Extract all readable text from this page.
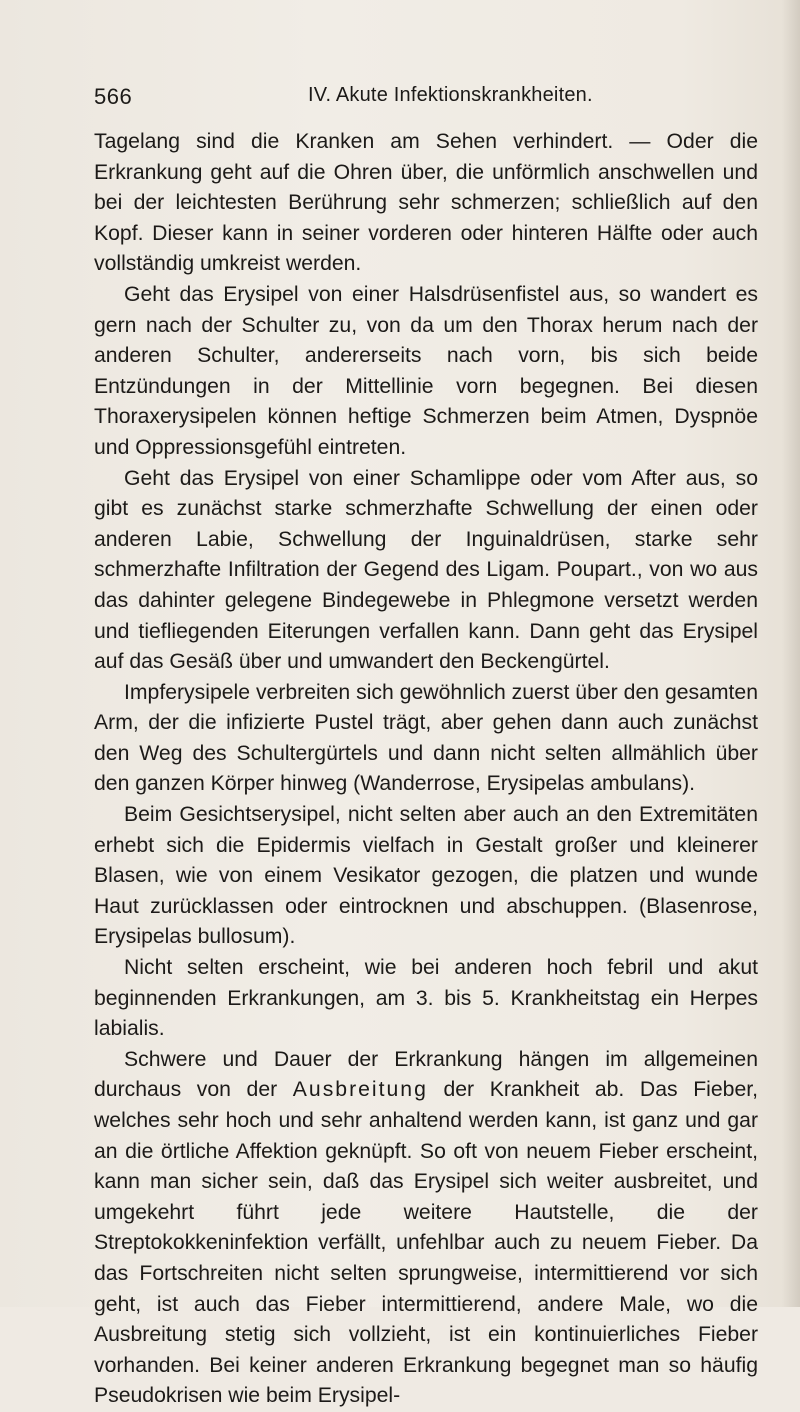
566	IV. Akute Infektionskrankheiten.

Tagelang sind die Kranken am Sehen verhindert. — Oder die Erkrankung geht auf die Ohren über, die unförmlich anschwellen und bei der leichtesten Berührung sehr schmerzen; schließlich auf den Kopf. Dieser kann in seiner vorderen oder hinteren Hälfte oder auch vollständig umkreist werden.

Geht das Erysipel von einer Halsdrüsenfistel aus, so wandert es gern nach der Schulter zu, von da um den Thorax herum nach der anderen Schulter, andererseits nach vorn, bis sich beide Entzündungen in der Mittellinie vorn begegnen. Bei diesen Thoraxerysipelen können heftige Schmerzen beim Atmen, Dyspnöe und Oppressionsgefühl eintreten.

Geht das Erysipel von einer Schamlippe oder vom After aus, so gibt es zunächst starke schmerzhafte Schwellung der einen oder anderen Labie, Schwellung der Inguinaldrüsen, starke sehr schmerzhafte Infiltration der Gegend des Ligam. Poupart., von wo aus das dahinter gelegene Bindegewebe in Phlegmone versetzt werden und tiefliegenden Eiterungen verfallen kann. Dann geht das Erysipel auf das Gesäß über und umwandert den Beckengürtel.

Impferysipele verbreiten sich gewöhnlich zuerst über den gesamten Arm, der die infizierte Pustel trägt, aber gehen dann auch zunächst den Weg des Schultergürtels und dann nicht selten allmählich über den ganzen Körper hinweg (Wanderrose, Erysipelas ambulans).

Beim Gesichtserysipel, nicht selten aber auch an den Extremitäten erhebt sich die Epidermis vielfach in Gestalt großer und kleinerer Blasen, wie von einem Vesikator gezogen, die platzen und wunde Haut zurücklassen oder eintrocknen und abschuppen. (Blasenrose, Erysipelas bullosum).

Nicht selten erscheint, wie bei anderen hoch febril und akut beginnenden Erkrankungen, am 3. bis 5. Krankheitstag ein Herpes labialis.

Schwere und Dauer der Erkrankung hängen im allgemeinen durchaus von der Ausbreitung der Krankheit ab. Das Fieber, welches sehr hoch und sehr anhaltend werden kann, ist ganz und gar an die örtliche Affektion geknüpft. So oft von neuem Fieber erscheint, kann man sicher sein, daß das Erysipel sich weiter ausbreitet, und umgekehrt führt jede weitere Hautstelle, die der Streptokokkeninfektion verfällt, unfehlbar auch zu neuem Fieber. Da das Fortschreiten nicht selten sprungweise, intermittierend vor sich geht, ist auch das Fieber intermittierend, andere Male, wo die Ausbreitung stetig sich vollzieht, ist ein kontinuierliches Fieber vorhanden. Bei keiner anderen Erkrankung begegnet man so häufig Pseudokrisen wie beim Erysipel-
